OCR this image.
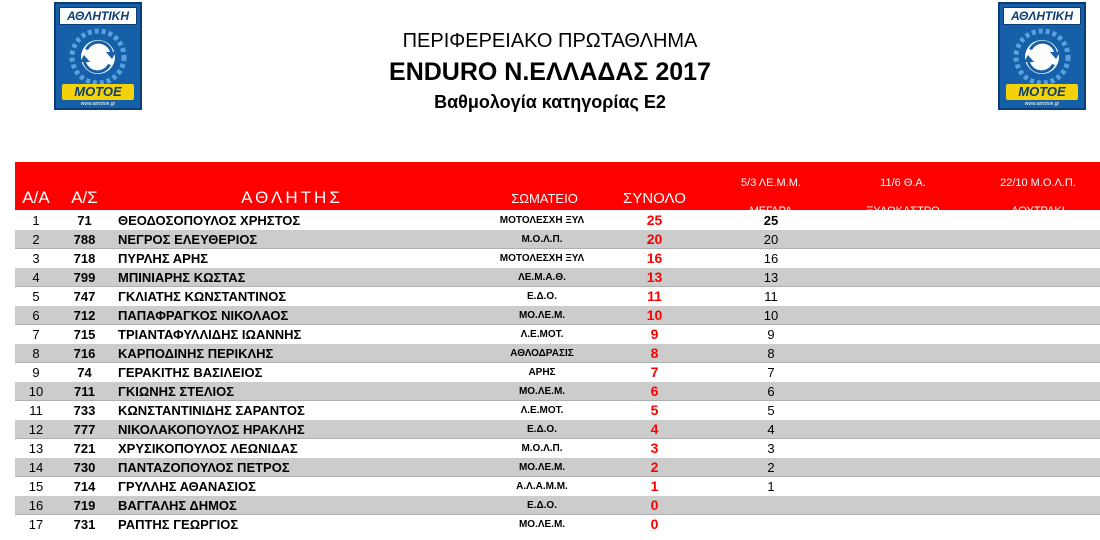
ΑΘΛΗΤΙΚΗ
ΜΟΤΟΕ
www.amotoe.gr
ΑΘΛΗΤΙΚΗ
ΜΟΤΟΕ
www.amotoe.gr
ΠΕΡΙΦΕΡΕΙΑΚΟ ΠΡΩΤΑΘΛΗΜΑ
ENDURO Ν.ΕΛΛΑΔΑΣ 2017
Βαθμολογία κατηγορίας Ε2
Α/Α	Α/Σ	ΑΘΛΗΤΗΣ	ΣΩΜΑΤΕΙΟ	ΣΥΝΟΛΟ
5/3 ΛΕ.Μ.Μ.

ΜΕΓΑΡΑ
11/6 Θ.Α.

ΞΥΛΟΚΑΣΤΡΟ
22/10 Μ.Ο.Λ.Π.

ΛΟΥΤΡΑΚΙ
1	71	ΘΕΟΔΟΣΟΠΟΥΛΟΣ ΧΡΗΣΤΟΣ	ΜΟΤΟΛΕΣΧΗ ΞΥΛ	25	25
2	788	ΝΕΓΡΟΣ ΕΛΕΥΘΕΡΙΟΣ	Μ.Ο.Λ.Π.	20	20
3	718	ΠΥΡΛΗΣ ΑΡΗΣ	ΜΟΤΟΛΕΣΧΗ ΞΥΛ	16	16
4	799	ΜΠΙΝΙΑΡΗΣ ΚΩΣΤΑΣ	ΛΕ.Μ.Α.Θ.	13	13
5	747	ΓΚΛΙΑΤΗΣ ΚΩΝΣΤΑΝΤΙΝΟΣ	Ε.Δ.Ο.	11	11
6	712	ΠΑΠΑΦΡΑΓΚΟΣ ΝΙΚΟΛΑΟΣ	ΜΟ.ΛΕ.Μ.	10	10
7	715	ΤΡΙΑΝΤΑΦΥΛΛΙΔΗΣ ΙΩΑΝΝΗΣ	Λ.Ε.ΜΟΤ.	9	9
8	716	ΚΑΡΠΟΔΙΝΗΣ ΠΕΡΙΚΛΗΣ	ΑΘΛΟΔΡΑΣΙΣ	8	8
9	74	ΓΕΡΑΚΙΤΗΣ ΒΑΣΙΛΕΙΟΣ	ΑΡΗΣ	7	7
10	711	ΓΚΙΩΝΗΣ ΣΤΕΛΙΟΣ	ΜΟ.ΛΕ.Μ.	6	6
11	733	ΚΩΝΣΤΑΝΤΙΝΙΔΗΣ ΣΑΡΑΝΤΟΣ	Λ.Ε.ΜΟΤ.	5	5
12	777	ΝΙΚΟΛΑΚΟΠΟΥΛΟΣ ΗΡΑΚΛΗΣ	Ε.Δ.Ο.	4	4
13	721	ΧΡΥΣΙΚΟΠΟΥΛΟΣ ΛΕΩΝΙΔΑΣ	Μ.Ο.Λ.Π.	3	3
14	730	ΠΑΝΤΑΖΟΠΟΥΛΟΣ ΠΕΤΡΟΣ	ΜΟ.ΛΕ.Μ.	2	2
15	714	ΓΡΥΛΛΗΣ ΑΘΑΝΑΣΙΟΣ	Α.Λ.Α.Μ.Μ.	1	1
16	719	ΒΑΓΓΑΛΗΣ ΔΗΜΟΣ	Ε.Δ.Ο.	0
17	731	ΡΑΠΤΗΣ ΓΕΩΡΓΙΟΣ	ΜΟ.ΛΕ.Μ.	0
